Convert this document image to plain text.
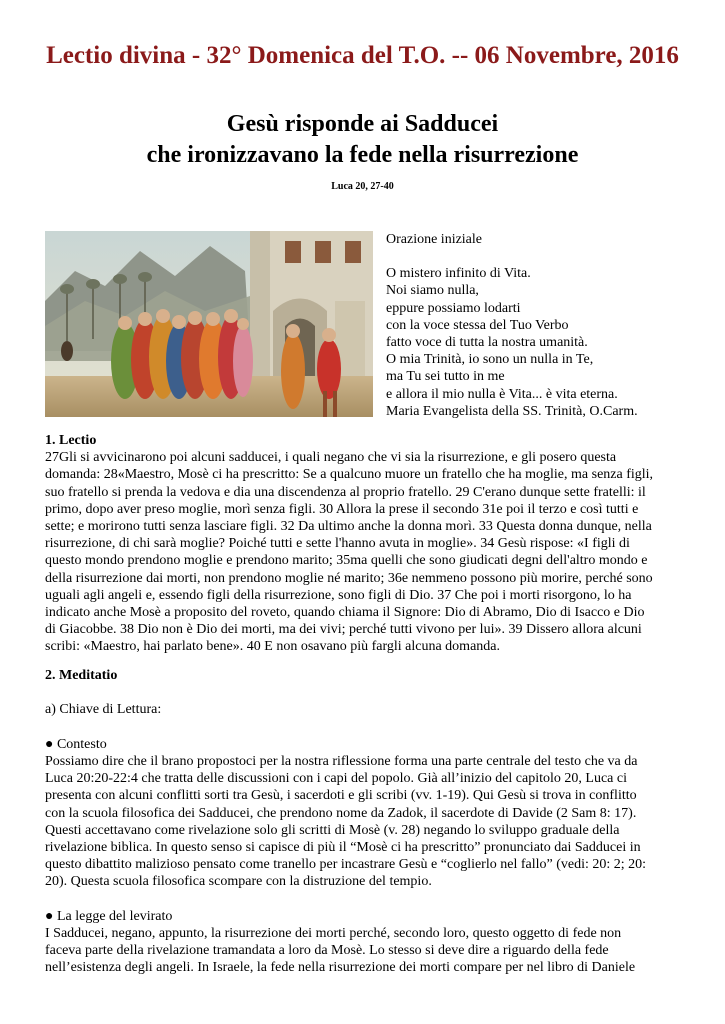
Lectio divina - 32° Domenica del T.O. -- 06 Novembre, 2016
Gesù risponde ai Sadducei
che ironizzavano la fede nella risurrezione
Luca 20, 27-40
Orazione iniziale
O mistero infinito di Vita.
Noi siamo nulla,
eppure possiamo lodarti
con la voce stessa del Tuo Verbo
fatto voce di tutta la nostra umanità.
O mia Trinità, io sono un nulla in Te,
ma Tu sei tutto in me
e allora il mio nulla è Vita... è vita eterna.
Maria Evangelista della SS. Trinità, O.Carm.
1. Lectio
27Gli si avvicinarono poi alcuni sadducei, i quali negano che vi sia la risurrezione, e gli posero questa
domanda: 28«Maestro, Mosè ci ha prescritto: Se a qualcuno muore un fratello che ha moglie, ma senza figli,
suo fratello si prenda la vedova e dia una discendenza al proprio fratello. 29 C'erano dunque sette fratelli: il
primo, dopo aver preso moglie, morì senza figli. 30 Allora la prese il secondo 31e poi il terzo e così tutti e
sette; e morirono tutti senza lasciare figli. 32 Da ultimo anche la donna morì. 33 Questa donna dunque, nella
risurrezione, di chi sarà moglie? Poiché tutti e sette l'hanno avuta in moglie». 34 Gesù rispose: «I figli di
questo mondo prendono moglie e prendono marito; 35ma quelli che sono giudicati degni dell'altro mondo e
della risurrezione dai morti, non prendono moglie né marito; 36e nemmeno possono più morire, perché sono
uguali agli angeli e, essendo figli della risurrezione, sono figli di Dio. 37 Che poi i morti risorgono, lo ha
indicato anche Mosè a proposito del roveto, quando chiama il Signore: Dio di Abramo, Dio di Isacco e Dio
di Giacobbe. 38 Dio non è Dio dei morti, ma dei vivi; perché tutti vivono per lui». 39 Dissero allora alcuni
scribi: «Maestro, hai parlato bene». 40 E non osavano più fargli alcuna domanda.
2. Meditatio
a) Chiave di Lettura:
● Contesto
Possiamo dire che il brano propostoci per la nostra riflessione forma una parte centrale del testo che va da
Luca 20:20-22:4 che tratta delle discussioni con i capi del popolo. Già all’inizio del capitolo 20, Luca ci
presenta con alcuni conflitti sorti tra Gesù, i sacerdoti e gli scribi (vv. 1-19). Qui Gesù si trova in conflitto
con la scuola filosofica dei Sadducei, che prendono nome da Zadok, il sacerdote di Davide (2 Sam 8: 17).
Questi accettavano come rivelazione solo gli scritti di Mosè (v. 28) negando lo sviluppo graduale della
rivelazione biblica. In questo senso si capisce di più il “Mosè ci ha prescritto” pronunciato dai Sadducei in
questo dibattito malizioso pensato come tranello per incastrare Gesù e “coglierlo nel fallo” (vedi: 20: 2; 20:
20). Questa scuola filosofica scompare con la distruzione del tempio.
● La legge del levirato
I Sadducei, negano, appunto, la risurrezione dei morti perché, secondo loro, questo oggetto di fede non
faceva parte della rivelazione tramandata a loro da Mosè. Lo stesso si deve dire a riguardo della fede
nell’esistenza degli angeli. In Israele, la fede nella risurrezione dei morti compare per nel libro di Daniele
